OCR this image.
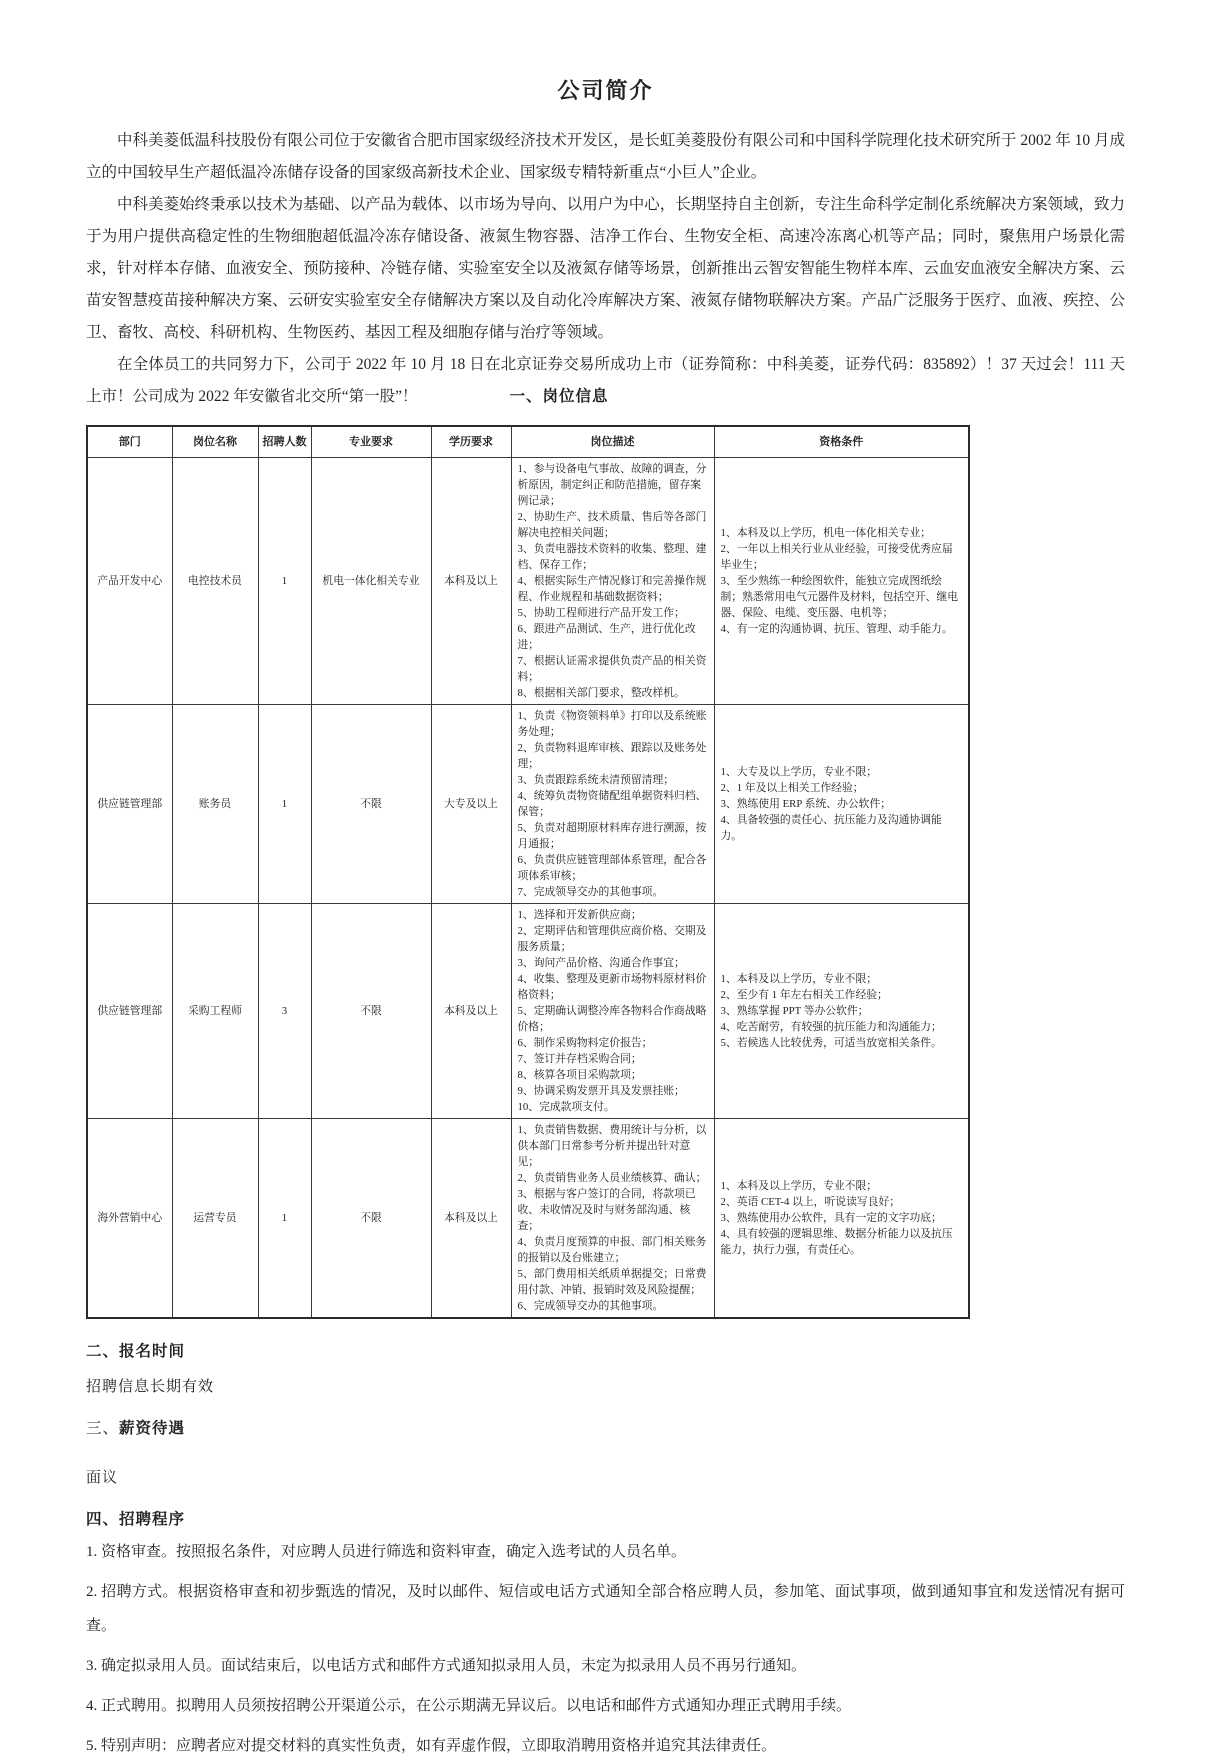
公司简介

中科美菱低温科技股份有限公司位于安徽省合肥市国家级经济技术开发区，是长虹美菱股份有限公司和中国科学院理化技术研究所于 2002 年 10 月成立的中国较早生产超低温冷冻储存设备的国家级高新技术企业、国家级专精特新重点“小巨人”企业。

中科美菱始终秉承以技术为基础、以产品为载体、以市场为导向、以用户为中心，长期坚持自主创新，专注生命科学定制化系统解决方案领域，致力于为用户提供高稳定性的生物细胞超低温冷冻存储设备、液氮生物容器、洁净工作台、生物安全柜、高速冷冻离心机等产品；同时，聚焦用户场景化需求，针对样本存储、血液安全、预防接种、冷链存储、实验室安全以及液氮存储等场景，创新推出云智安智能生物样本库、云血安血液安全解决方案、云苗安智慧疫苗接种解决方案、云研安实验室安全存储解决方案以及自动化冷库解决方案、液氮存储物联解决方案。产品广泛服务于医疗、血液、疾控、公卫、畜牧、高校、科研机构、生物医药、基因工程及细胞存储与治疗等领域。

在全体员工的共同努力下，公司于 2022 年 10 月 18 日在北京证券交易所成功上市（证券简称：中科美菱，证券代码：835892）！37 天过会！111 天上市！公司成为 2022 年安徽省北交所“第一股”！	一、岗位信息

部门	岗位名称	招聘人数	专业要求	学历要求	岗位描述	资格条件
产品开发中心	电控技术员	1	机电一体化相关专业	本科及以上	1、参与设备电气事故、故障的调查，分析原因，制定纠正和防范措施，留存案例记录；
2、协助生产、技术质量、售后等各部门解决电控相关问题；
3、负责电器技术资料的收集、整理、建档、保存工作；
4、根据实际生产情况修订和完善操作规程、作业规程和基础数据资料；
5、协助工程师进行产品开发工作；
6、跟进产品测试、生产，进行优化改进；
7、根据认证需求提供负责产品的相关资料；
8、根据相关部门要求，整改样机。	1、本科及以上学历，机电一体化相关专业；
2、一年以上相关行业从业经验，可接受优秀应届毕业生；
3、至少熟练一种绘图软件，能独立完成图纸绘制；熟悉常用电气元器件及材料，包括空开、继电器、保险、电缆、变压器、电机等；
4、有一定的沟通协调、抗压、管理、动手能力。
供应链管理部	账务员	1	不限	大专及以上	1、负责《物资领料单》打印以及系统账务处理；
2、负责物料退库审核、跟踪以及账务处理；
3、负责跟踪系统未清预留清理；
4、统筹负责物资储配组单据资料归档、保管；
5、负责对超期原材料库存进行溯源，按月通报；
6、负责供应链管理部体系管理，配合各项体系审核；
7、完成领导交办的其他事项。	1、大专及以上学历，专业不限；
2、1 年及以上相关工作经验；
3、熟练使用 ERP 系统、办公软件；
4、具备较强的责任心、抗压能力及沟通协调能力。
供应链管理部	采购工程师	3	不限	本科及以上	1、选择和开发新供应商；
2、定期评估和管理供应商价格、交期及服务质量；
3、询问产品价格、沟通合作事宜；
4、收集、整理及更新市场物料原材料价格资料；
5、定期确认调整冷库各物料合作商战略价格；
6、制作采购物料定价报告；
7、签订并存档采购合同；
8、核算各项目采购款项；
9、协调采购发票开具及发票挂账；
10、完成款项支付。	1、本科及以上学历，专业不限；
2、至少有 1 年左右相关工作经验；
3、熟练掌握 PPT 等办公软件；
4、吃苦耐劳，有较强的抗压能力和沟通能力；
5、若候选人比较优秀，可适当放宽相关条件。
海外营销中心	运营专员	1	不限	本科及以上	1、负责销售数据、费用统计与分析，以供本部门日常参考分析并提出针对意见；
2、负责销售业务人员业绩核算、确认；
3、根据与客户签订的合同，将款项已收、未收情况及时与财务部沟通、核查；
4、负责月度预算的申报、部门相关账务的报销以及台账建立；
5、部门费用相关纸质单据提交；日常费用付款、冲销、报销时效及风险提醒；
6、完成领导交办的其他事项。	1、本科及以上学历，专业不限；
2、英语 CET-4 以上，听说读写良好；
3、熟练使用办公软件，具有一定的文字功底；
4、具有较强的逻辑思维、数据分析能力以及抗压能力，执行力强，有责任心。

二、报名时间

招聘信息长期有效

三、薪资待遇

面议

四、招聘程序

1. 资格审查。按照报名条件，对应聘人员进行筛选和资料审查，确定入选考试的人员名单。

2. 招聘方式。根据资格审查和初步甄选的情况，及时以邮件、短信或电话方式通知全部合格应聘人员，参加笔、面试事项，做到通知事宜和发送情况有据可查。

3. 确定拟录用人员。面试结束后，以电话方式和邮件方式通知拟录用人员，未定为拟录用人员不再另行通知。

4. 正式聘用。拟聘用人员须按招聘公开渠道公示，在公示期满无异议后。以电话和邮件方式通知办理正式聘用手续。

5. 特别声明：应聘者应对提交材料的真实性负责，如有弄虚作假，立即取消聘用资格并追究其法律责任。
